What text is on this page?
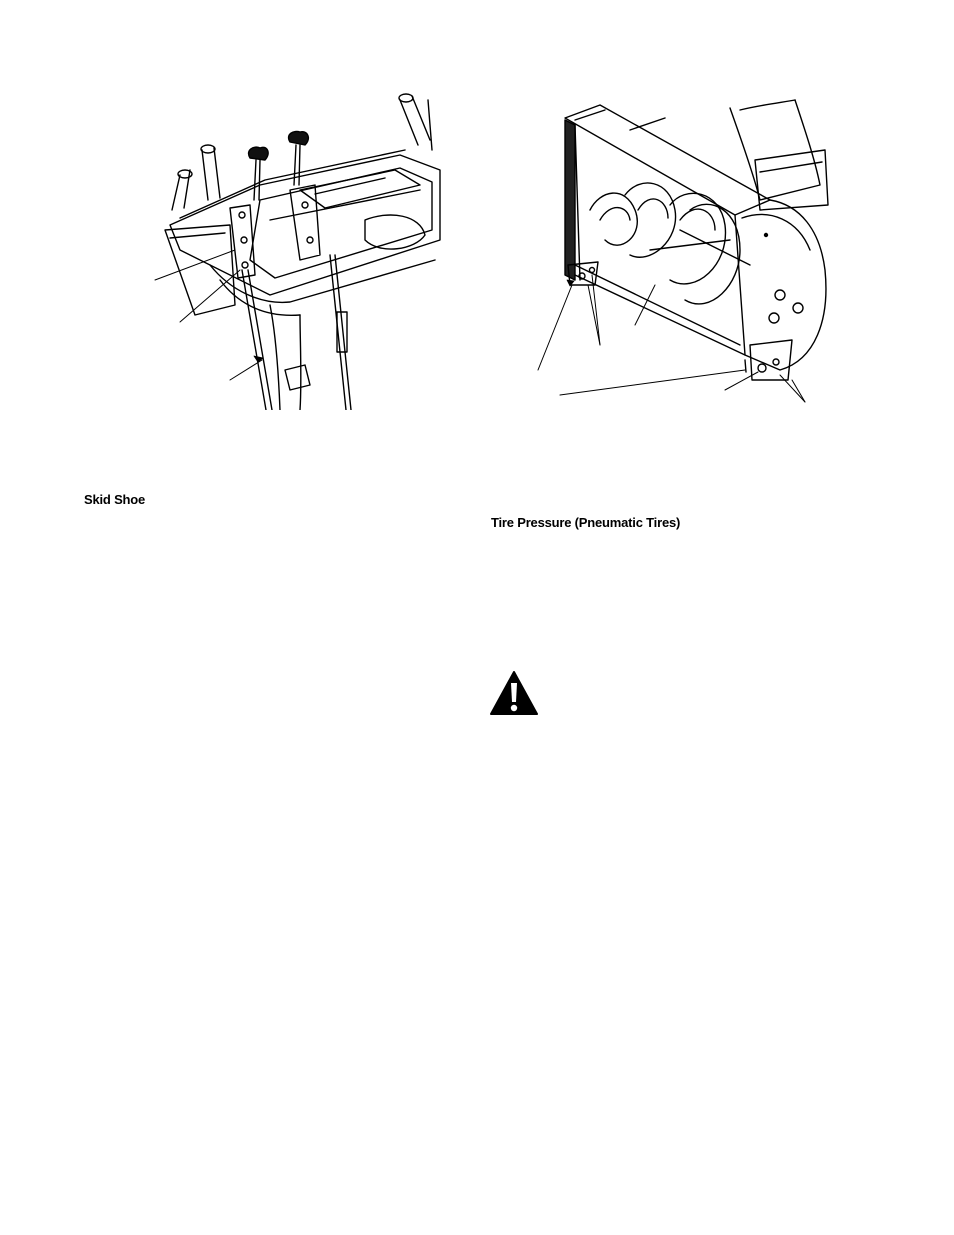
Skid Shoe
Tire Pressure (Pneumatic Tires)
